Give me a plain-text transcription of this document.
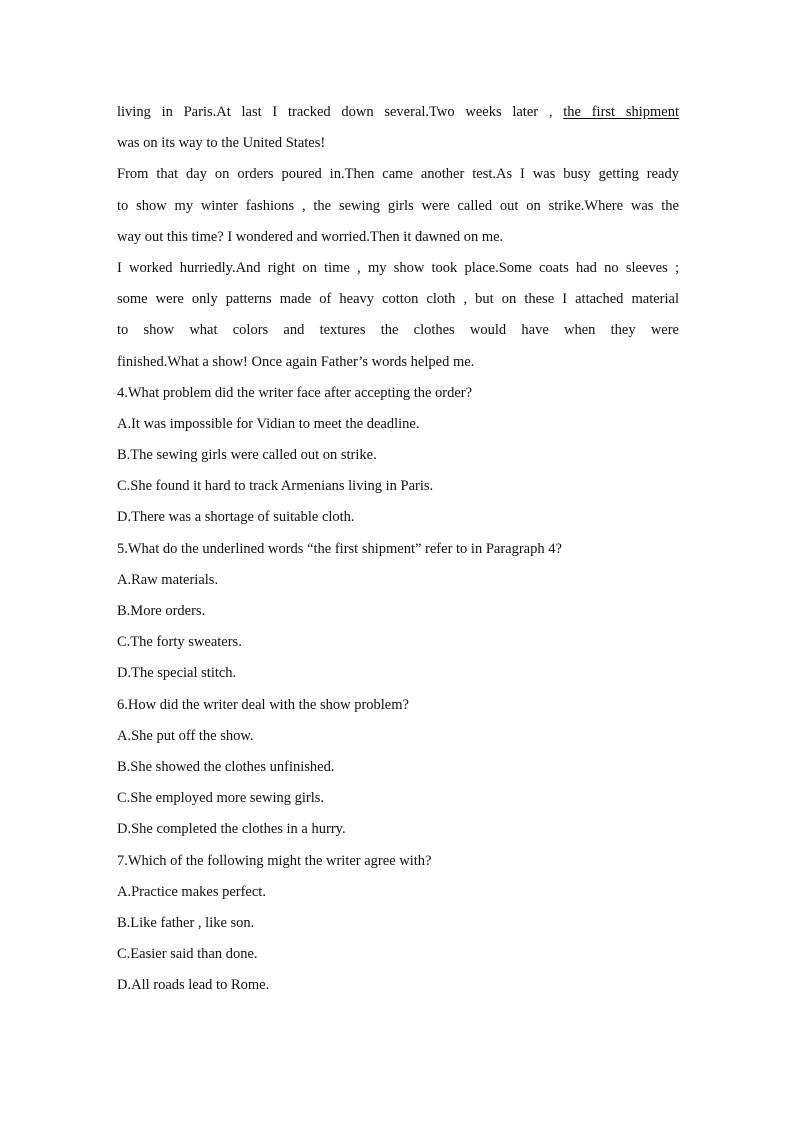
living in Paris.At last I tracked down several.Two weeks later , the first shipment
was on its way to the United States!
From that day on orders poured in.Then came another test.As I was busy getting ready
to show my winter fashions , the sewing girls were called out on strike.Where was the
way out this time? I wondered and worried.Then it dawned on me.
I worked hurriedly.And right on time , my show took place.Some coats had no sleeves ;
some were only patterns made of heavy cotton cloth , but on these I attached material
to show what colors and textures the clothes would have when they were
finished.What a show! Once again Father’s words helped me.
4.What problem did the writer face after accepting the order?
A.It was impossible for Vidian to meet the deadline.
B.The sewing girls were called out on strike.
C.She found it hard to track Armenians living in Paris.
D.There was a shortage of suitable cloth.
5.What do the underlined words “the first shipment” refer to in Paragraph 4?
A.Raw materials.
B.More orders.
C.The forty sweaters.
D.The special stitch.
6.How did the writer deal with the show problem?
A.She put off the show.
B.She showed the clothes unfinished.
C.She employed more sewing girls.
D.She completed the clothes in a hurry.
7.Which of the following might the writer agree with?
A.Practice makes perfect.
B.Like father , like son.
C.Easier said than done.
D.All roads lead to Rome.
